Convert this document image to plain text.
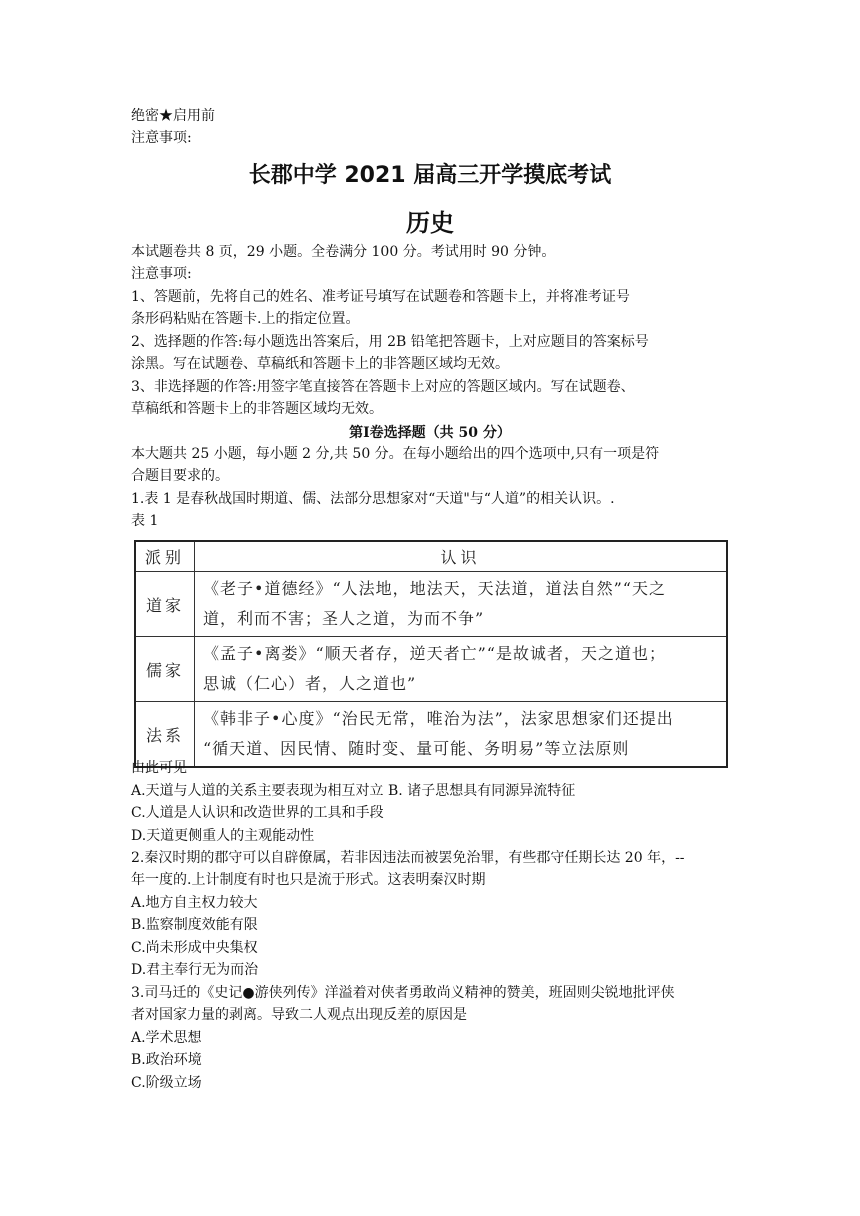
绝密★启用前
注意事项:
长郡中学 2021 届高三开学摸底考试
历史
本试题卷共 8 页，29 小题。全卷满分 100 分。考试用时 90 分钟。
注意事项:
1、答题前，先将自己的姓名、准考证号填写在试题卷和答题卡上，并将准考证号
条形码粘贴在答题卡.上的指定位置。
2、选择题的作答:每小题选出答案后，用 2B 铅笔把答题卡，上对应题目的答案标号
涂黑。写在试题卷、草稿纸和答题卡上的非答题区域均无效。
3、非选择题的作答:用签字笔直接答在答题卡上对应的答题区域内。写在试题卷、
草稿纸和答题卡上的非答题区域均无效。
第Ⅰ卷选择题（共 50 分）
本大题共 25 小题，每小题 2 分,共 50 分。在每小题给出的四个选项中,只有一项是符
合题目要求的。
1.表 1 是春秋战国时期道、儒、法部分思想家对“天道"与“人道”的相关认识。.
表 1
派别	认识
道家	《老子•道德经》“人法地，地法天，天法道，道法自然”“天之
道，利而不害；圣人之道，为而不争”

儒家	《孟子•离娄》“顺天者存，逆天者亡”“是故诚者，天之道也；
思诚（仁心）者，人之道也”

法系	《韩非子•心度》“治民无常，唯治为法”，法家思想家们还提出
“循天道、因民情、随时变、量可能、务明易”等立法原则
由此可见
A.天道与人道的关系主要表现为相互对立 B. 诸子思想具有同源异流特征
C.人道是人认识和改造世界的工具和手段
D.天道更侧重人的主观能动性
2.秦汉时期的郡守可以自辟僚属，若非因违法而被罢免治罪，有些郡守任期长达 20 年，--
年一度的.上计制度有时也只是流于形式。这表明秦汉时期
A.地方自主权力较大
B.监察制度效能有限
C.尚未形成中央集权
D.君主奉行无为而治
3.司马迁的《史记●游侠列传》洋溢着对侠者勇敢尚义精神的赞美，班固则尖锐地批评侠
者对国家力量的剥离。导致二人观点出现反差的原因是
A.学术思想
B.政治环境
C.阶级立场
